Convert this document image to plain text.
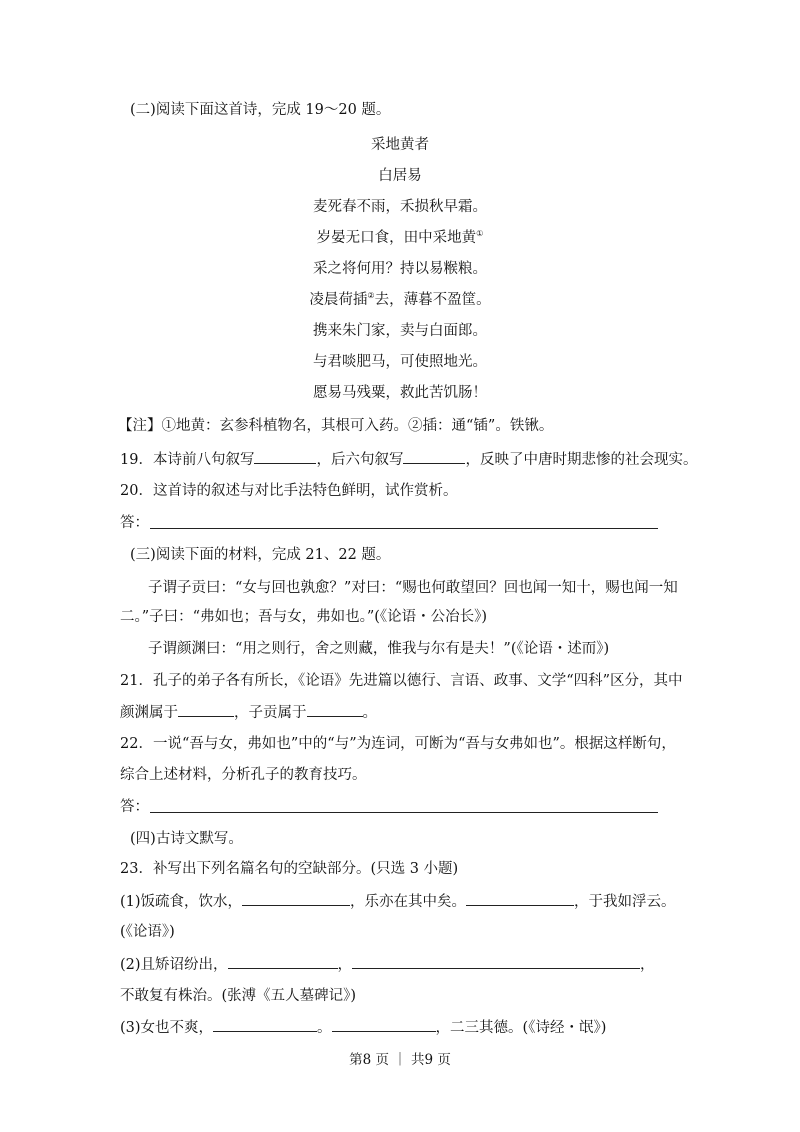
(二)阅读下面这首诗，完成 19～20 题。
采地黄者
白居易
麦死春不雨，禾损秋早霜。
岁晏无口食，田中采地黄①
采之将何用？持以易糇粮。
凌晨荷插②去，薄暮不盈筐。
携来朱门家，卖与白面郎。
与君啖肥马，可使照地光。
愿易马残粟，救此苦饥肠！
【注】①地黄：玄参科植物名，其根可入药。②插：通“锸”。铁锹。
19．本诗前八句叙写	，后六句叙写	，反映了中唐时期悲惨的社会现实。
20．这首诗的叙述与对比手法特色鲜明，试作赏析。
答：
(三)阅读下面的材料，完成 21、22 题。
子谓子贡曰：“女与回也孰愈？”对曰：“赐也何敢望回？回也闻一知十，赐也闻一知
二。”子曰：“弗如也；吾与女，弗如也。”(《论语・公冶长》)
子谓颜渊曰：“用之则行，舍之则藏，惟我与尔有是夫！”(《论语・述而》)
21．孔子的弟子各有所长，《论语》先进篇以德行、言语、政事、文学“四科”区分，其中
颜渊属于	，子贡属于	。
22．一说“吾与女，弗如也”中的“与”为连词，可断为“吾与女弗如也”。根据这样断句，
综合上述材料，分析孔子的教育技巧。
答：
(四)古诗文默写。
23．补写出下列名篇名句的空缺部分。(只选 3 小题)
(1)饭疏食，饮水，	，乐亦在其中矣。	，于我如浮云。
(《论语》)
(2)且矫诏纷出，	，	，
不敢复有株治。(张溥《五人墓碑记》)
(3)女也不爽，	。	，二三其德。(《诗经・氓》)
第8 页 ｜ 共9 页
